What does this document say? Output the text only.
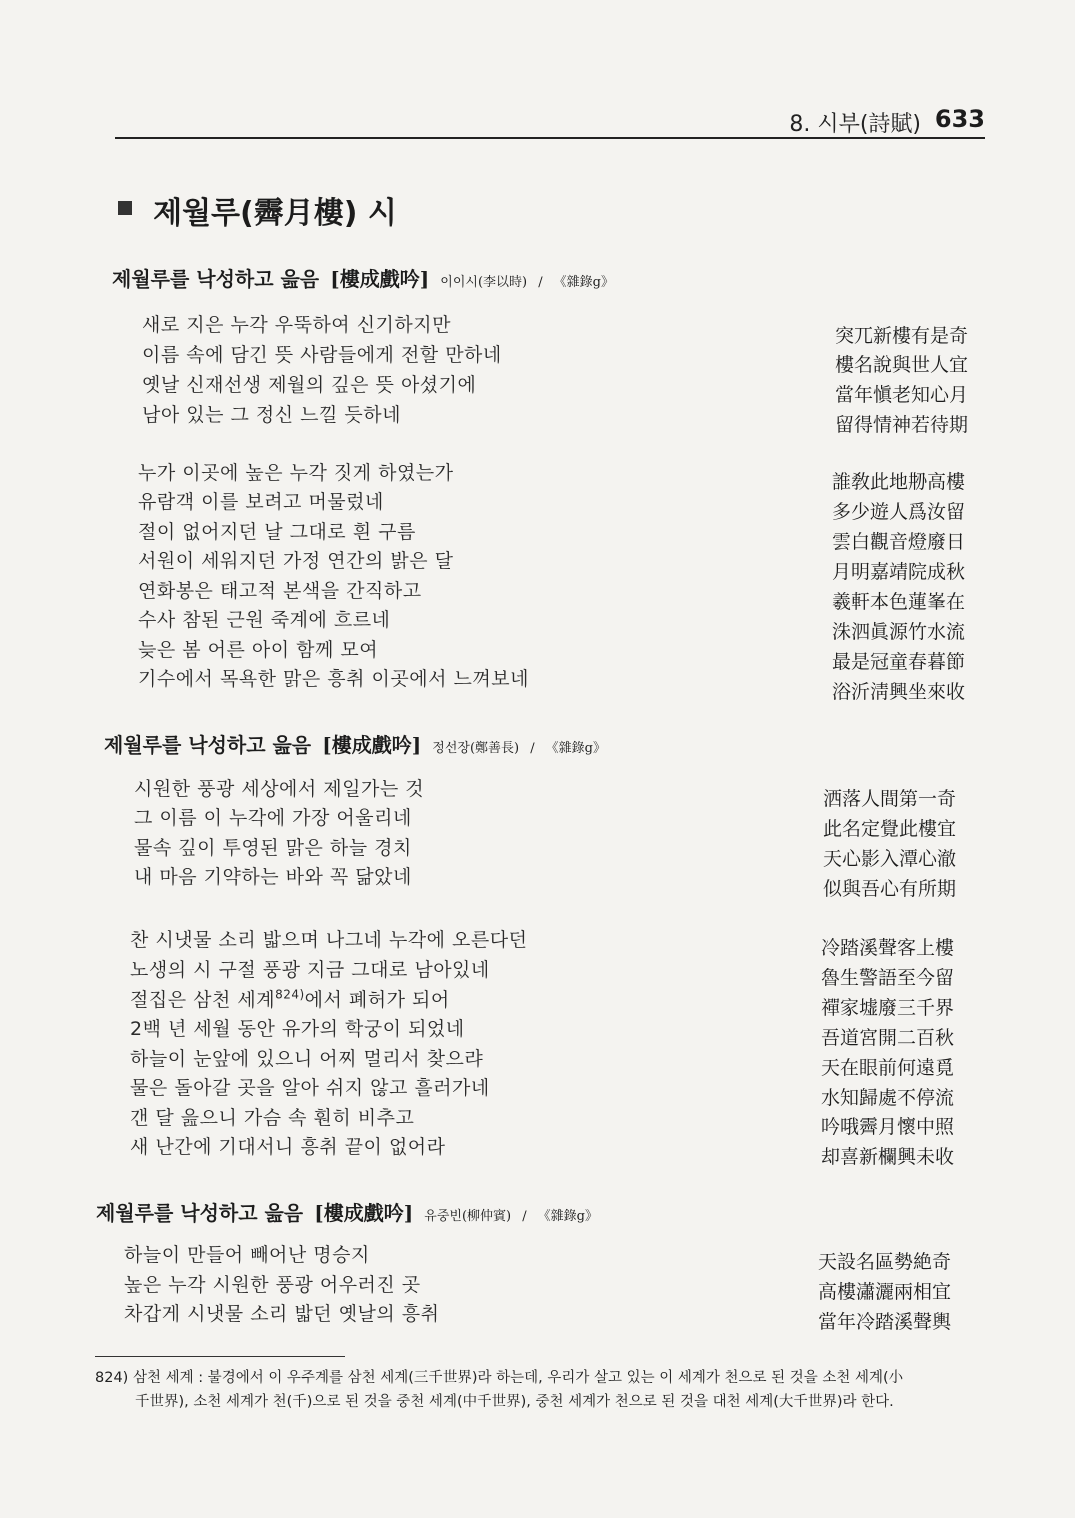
8. 시부(詩賦) 633
제월루(霽月樓) 시
제월루를 낙성하고 읊음 [樓成戲吟] 이이시(李以時) / 《雜錄g》
새로 지은 누각 우뚝하여 신기하지만
이름 속에 담긴 뜻 사람들에게 전할 만하네
옛날 신재선생 제월의 깊은 뜻 아셨기에
남아 있는 그 정신 느낄 듯하네
突兀新樓有是奇
樓名說與世人宜
當年愼老知心月
留得情神若待期
누가 이곳에 높은 누각 짓게 하였는가
유람객 이를 보려고 머물렀네
절이 없어지던 날 그대로 흰 구름
서원이 세워지던 가정 연간의 밝은 달
연화봉은 태고적 본색을 간직하고
수사 참된 근원 죽계에 흐르네
늦은 봄 어른 아이 함께 모여
기수에서 목욕한 맑은 흥취 이곳에서 느껴보네
誰敎此地刱高樓
多少遊人爲汝留
雲白觀音燈廢日
月明嘉靖院成秋
羲軒本色蓮峯在
洙泗眞源竹水流
最是冠童春暮節
浴沂淸興坐來收
제월루를 낙성하고 읊음 [樓成戲吟] 정선장(鄭善長) / 《雜錄g》
시원한 풍광 세상에서 제일가는 것
그 이름 이 누각에 가장 어울리네
물속 깊이 투영된 맑은 하늘 경치
내 마음 기약하는 바와 꼭 닮았네
洒落人間第一奇
此名定覺此樓宜
天心影入潭心澈
似與吾心有所期
찬 시냇물 소리 밟으며 나그네 누각에 오른다던
노생의 시 구절 풍광 지금 그대로 남아있네
절집은 삼천 세계$^{824)}$에서 폐허가 되어
2백 년 세월 동안 유가의 학궁이 되었네
하늘이 눈앞에 있으니 어찌 멀리서 찾으랴
물은 돌아갈 곳을 알아 쉬지 않고 흘러가네
갠 달 읊으니 가슴 속 훤히 비추고
새 난간에 기대서니 흥취 끝이 없어라
冷踏溪聲客上樓
魯生警語至今留
禪家墟廢三千界
吾道宮開二百秋
天在眼前何遠覓
水知歸處不停流
吟哦霽月懷中照
却喜新欄興未收
제월루를 낙성하고 읊음 [樓成戲吟] 유중빈(柳仲賓) / 《雜錄g》
하늘이 만들어 빼어난 명승지
높은 누각 시원한 풍광 어우러진 곳
차갑게 시냇물 소리 밟던 옛날의 흥취
天設名區勢絶奇
高樓瀟灑兩相宜
當年冷踏溪聲輿
824) 삼천 세계 : 불경에서 이 우주계를 삼천 세계(三千世界)라 하는데, 우리가 살고 있는 이 세계가 천으로 된 것을 소천 세계(小
千世界), 소천 세계가 천(千)으로 된 것을 중천 세계(中千世界), 중천 세계가 천으로 된 것을 대천 세계(大千世界)라 한다.
